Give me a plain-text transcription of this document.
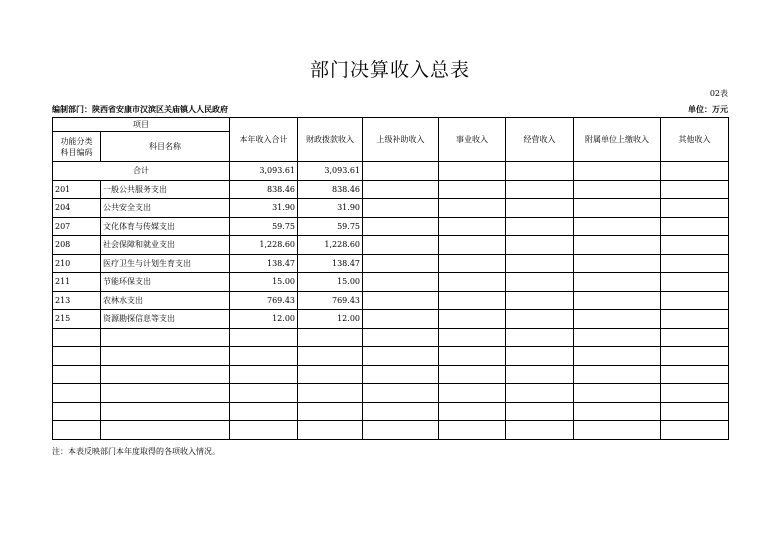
部门决算收入总表
02表
编制部门：陕西省安康市汉滨区关庙镇人人民政府	单位：万元
项目		本年收入合计	财政拨款收入	上级补助收入	事业收入	经营收入	附属单位上缴收入	其他收入
功能分类
科目编码	科目名称							
合计		3,093.61	3,093.61					
201	一般公共服务支出	838.46	838.46					
204	公共安全支出	31.90	31.90					
207	文化体育与传媒支出	59.75	59.75					
208	社会保障和就业支出	1,228.60	1,228.60					
210	医疗卫生与计划生育支出	138.47	138.47					
211	节能环保支出	15.00	15.00					
213	农林水支出	769.43	769.43					
215	资源勘探信息等支出	12.00	12.00					

注：本表反映部门本年度取得的各项收入情况。
